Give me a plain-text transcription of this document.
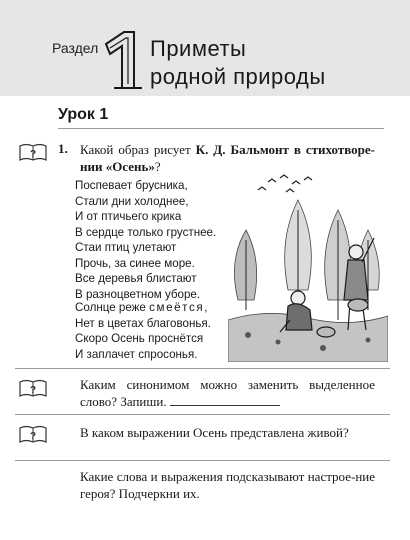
Раздел Приметы
родной природы
Урок 1
? 1. Какой образ рисует К. Д. Бальмонт в стихотворе-нии «Осень»?
Поспевает брусника,
Стали дни холоднее,
И от птичьего крика
В сердце только грустнее.
Стаи птиц улетают
Прочь, за синее море.
Все деревья блистают
В разноцветном уборе.
Солнце реже смеётся,
Нет в цветах благовонья.
Скоро Осень проснётся
И заплачет спросонья.
?	Каким синонимом можно заменить выделенное слово? Запиши.
?	В каком выражении Осень представлена живой?
Какие слова и выражения подсказывают настрое-ние героя? Подчеркни их.
